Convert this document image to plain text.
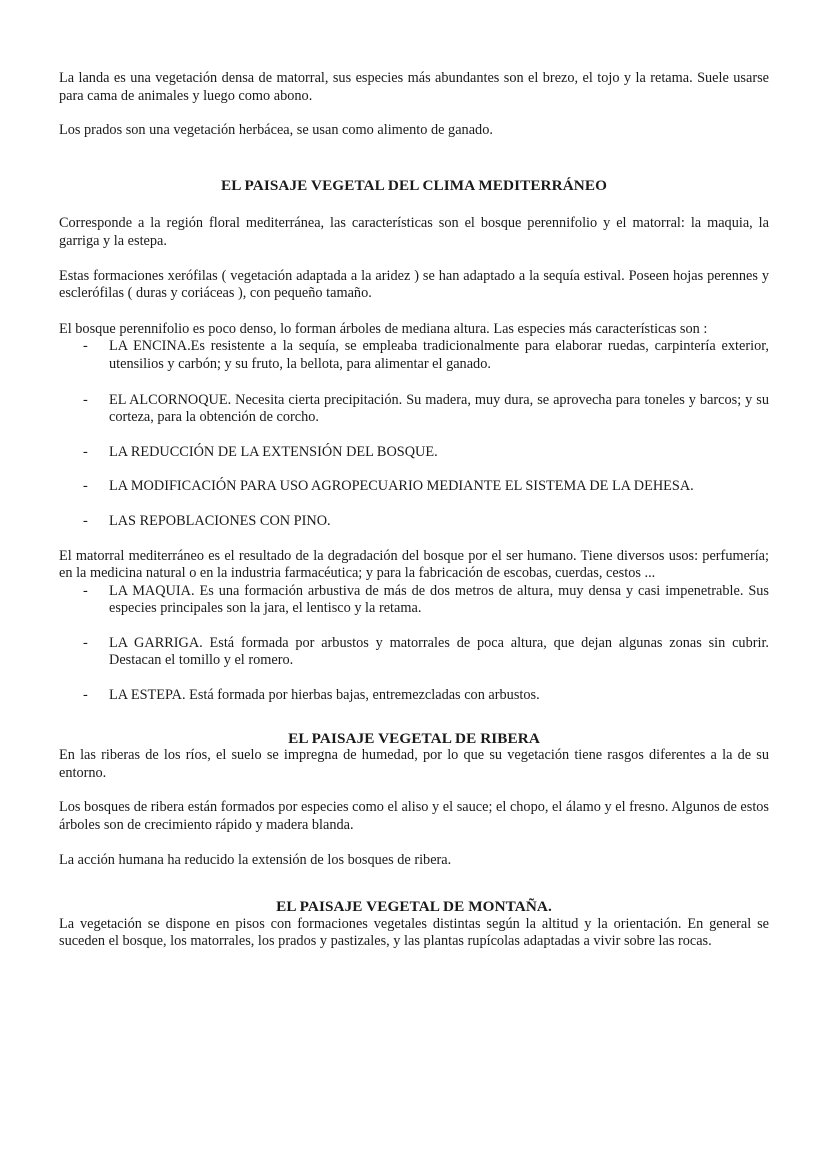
La landa es una vegetación densa de matorral, sus especies más abundantes son el brezo, el tojo y la retama. Suele usarse para cama de animales y luego como abono.

Los prados son una vegetación herbácea, se usan como alimento de ganado.

EL PAISAJE VEGETAL DEL CLIMA MEDITERRÁNEO

Corresponde a la región floral mediterránea, las características son el bosque perennifolio y el matorral: la maquia, la garriga y la estepa.

Estas formaciones xerófilas ( vegetación adaptada a la aridez ) se han adaptado a la sequía estival. Poseen hojas perennes y esclerófilas ( duras y coriáceas ), con pequeño tamaño.

El bosque perennifolio es poco denso, lo forman árboles de mediana altura. Las especies más características son :

- LA ENCINA.Es resistente a la sequía, se empleaba tradicionalmente para elaborar ruedas, carpintería exterior, utensilios y carbón; y su fruto, la bellota, para alimentar el ganado.
- EL ALCORNOQUE. Necesita cierta precipitación. Su madera, muy dura, se aprovecha para toneles y barcos; y su corteza, para la obtención de corcho.
- LA REDUCCIÓN DE LA EXTENSIÓN DEL BOSQUE.
- LA MODIFICACIÓN PARA USO AGROPECUARIO MEDIANTE EL SISTEMA DE LA DEHESA.
- LAS REPOBLACIONES CON PINO.

El matorral mediterráneo es el resultado de la degradación del bosque por el ser humano. Tiene diversos usos: perfumería; en la medicina natural o en la industria farmacéutica; y para la fabricación de escobas, cuerdas, cestos ...

- LA MAQUIA. Es una formación arbustiva de más de dos metros de altura, muy densa y casi impenetrable. Sus especies principales son la jara, el lentisco y la retama.
- LA GARRIGA. Está formada por arbustos y matorrales de poca altura, que dejan algunas zonas sin cubrir. Destacan el tomillo y el romero.
- LA ESTEPA. Está formada por hierbas bajas, entremezcladas con arbustos.
EL PAISAJE VEGETAL DE RIBERA

En las riberas de los ríos, el suelo se impregna de humedad, por lo que su vegetación tiene rasgos diferentes a la de su entorno.

Los bosques de ribera están formados por especies como el aliso y el sauce; el chopo, el álamo y el fresno. Algunos de estos árboles son de crecimiento rápido y madera blanda.

La acción humana ha reducido la extensión de los bosques de ribera.

EL PAISAJE VEGETAL DE MONTAÑA.

La vegetación se dispone en pisos con formaciones vegetales distintas según la altitud y la orientación. En general se suceden el bosque, los matorrales, los prados y pastizales, y las plantas rupícolas adaptadas a vivir sobre las rocas.
